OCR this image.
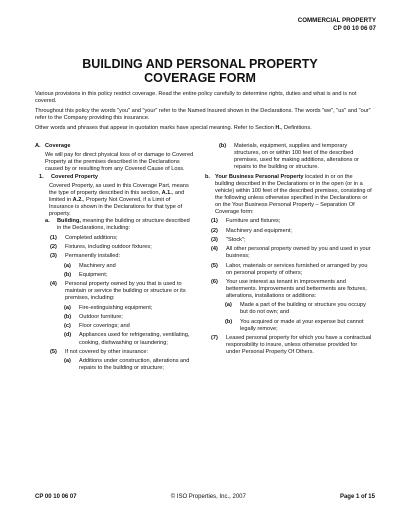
COMMERCIAL PROPERTY
CP 00 10 06 07
BUILDING AND PERSONAL PROPERTY
COVERAGE FORM

Various provisions in this policy restrict coverage. Read the entire policy carefully to determine rights, duties and what is and is not covered.

Throughout this policy the words "you" and "your" refer to the Named Insured shown in the Declarations. The words "we", "us" and "our" refer to the Company providing this insurance.

Other words and phrases that appear in quotation marks have special meaning. Refer to Section H., Definitions.

A. Coverage

We will pay for direct physical loss of or damage to Covered Property at the premises described in the Declarations caused by or resulting from any Covered Cause of Loss.

1.	Covered Property

Covered Property, as used in this Coverage Part, means the type of property described in this section, A.1., and limited in A.2., Property Not Covered, if a Limit of Insurance is shown in the Declarations for that type of property.

a.	Building, meaning the building or structure described in the Declarations, including:
(1)	Completed additions;
(2)	Fixtures, including outdoor fixtures;
(3)	Permanently installed:
(a)	Machinery and
(b)	Equipment;
(4)	Personal property owned by you that is used to maintain or service the building or structure or its premises, including:
(a)	Fire-extinguishing equipment;
(b)	Outdoor furniture;
(c)	Floor coverings; and
(d)	Appliances used for refrigerating, ventilating, cooking, dishwashing or laundering;
(5)	If not covered by other insurance:
(a)	Additions under construction, alterations and repairs to the building or structure;
(b)	Materials, equipment, supplies and temporary structures, on or within 100 feet of the described premises, used for making additions, alterations or repairs to the building or structure.
b. Your Business Personal Property located in or on the building described in the Declarations or in the open (or in a vehicle) within 100 feet of the described premises, consisting of the following unless otherwise specified in the Declarations or on the Your Business Personal Property – Separation Of Coverage form:
(1)	Furniture and fixtures;
(2)	Machinery and equipment;
(3)	"Stock";
(4)	All other personal property owned by you and used in your business;
(5)	Labor, materials or services furnished or arranged by you on personal property of others;
(6)	Your use interest as tenant in improvements and betterments. Improvements and betterments are fixtures, alterations, installations or additions:
(a)	Made a part of the building or structure you occupy but do not own; and
(b)	You acquired or made at your expense but cannot legally remove;
(7)	Leased personal property for which you have a contractual responsibility to insure, unless otherwise provided for under Personal Property Of Others.
CP 00 10 06 07	© ISO Properties, Inc., 2007	Page 1 of 15
